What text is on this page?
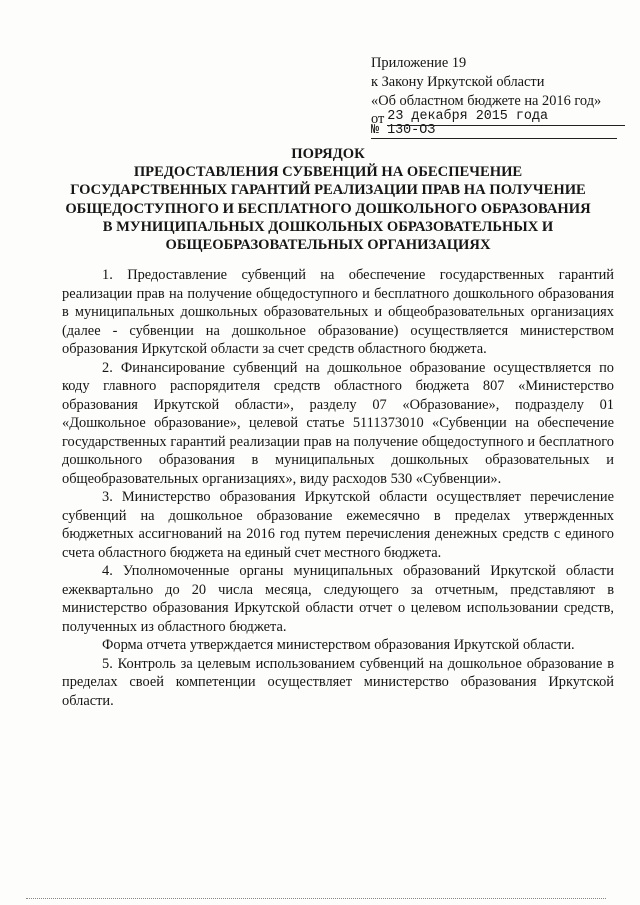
Приложение 19
к Закону Иркутской области
«Об областном бюджете на 2016 год»
от 23 декабря 2015 года
№ 130-ОЗ
ПОРЯДОК
ПРЕДОСТАВЛЕНИЯ СУБВЕНЦИЙ НА ОБЕСПЕЧЕНИЕ
ГОСУДАРСТВЕННЫХ ГАРАНТИЙ РЕАЛИЗАЦИИ ПРАВ НА ПОЛУЧЕНИЕ
ОБЩЕДОСТУПНОГО И БЕСПЛАТНОГО ДОШКОЛЬНОГО ОБРАЗОВАНИЯ
В МУНИЦИПАЛЬНЫХ ДОШКОЛЬНЫХ ОБРАЗОВАТЕЛЬНЫХ И
ОБЩЕОБРАЗОВАТЕЛЬНЫХ ОРГАНИЗАЦИЯХ

1. Предоставление субвенций на обеспечение государственных гарантий реализации прав на получение общедоступного и бесплатного дошкольного образования в муниципальных дошкольных образовательных и общеобразовательных организациях (далее - субвенции на дошкольное образование) осуществляется министерством образования Иркутской области за счет средств областного бюджета.

2. Финансирование субвенций на дошкольное образование осуществляется по коду главного распорядителя средств областного бюджета 807 «Министерство образования Иркутской области», разделу 07 «Образование», подразделу 01 «Дошкольное образование», целевой статье 5111373010 «Субвенции на обеспечение государственных гарантий реализации прав на получение общедоступного и бесплатного дошкольного образования в муниципальных дошкольных образовательных и общеобразовательных организациях», виду расходов 530 «Субвенции».

3. Министерство образования Иркутской области осуществляет перечисление субвенций на дошкольное образование ежемесячно в пределах утвержденных бюджетных ассигнований на 2016 год путем перечисления денежных средств с единого счета областного бюджета на единый счет местного бюджета.

4. Уполномоченные органы муниципальных образований Иркутской области ежеквартально до 20 числа месяца, следующего за отчетным, представляют в министерство образования Иркутской области отчет о целевом использовании средств, полученных из областного бюджета.

Форма отчета утверждается министерством образования Иркутской области.

5. Контроль за целевым использованием субвенций на дошкольное образование в пределах своей компетенции осуществляет министерство образования Иркутской области.
